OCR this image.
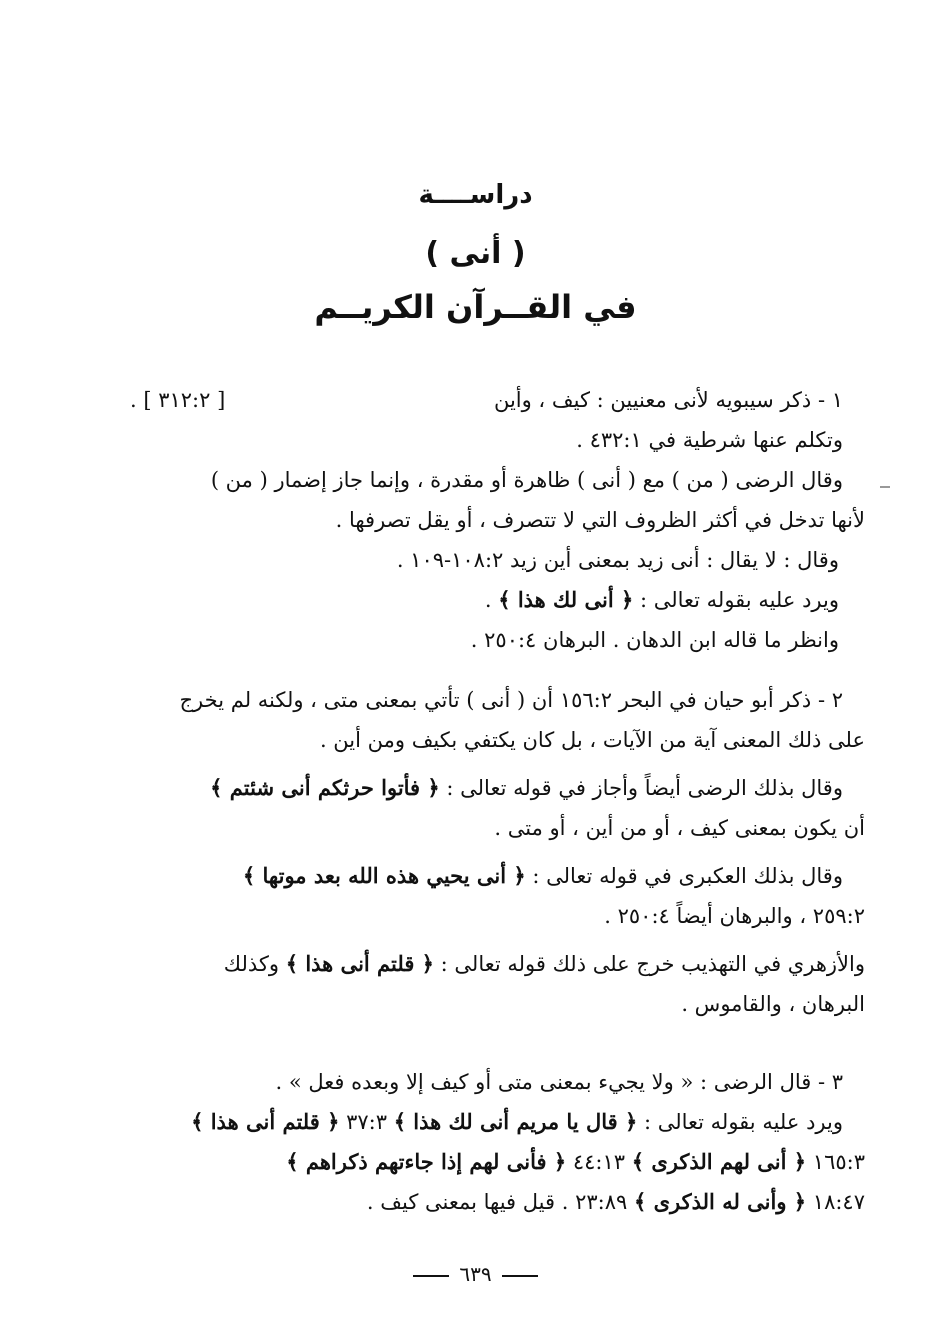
دراســــة
( أنى )
في القــرآن الكريــم
١ - ذكر سيبويه لأنى معنيين : كيف ، وأين
. [ ٣١٢:٢ ]
وتكلم عنها شرطية في ٤٣٢:١ .
وقال الرضى ( من ) مع ( أنى ) ظاهرة أو مقدرة ، وإنما جاز إضمار ( من )
لأنها تدخل في أكثر الظروف التي لا تتصرف ، أو يقل تصرفها .
وقال : لا يقال : أنى زيد بمعنى أين زيد ١٠٨:٢-١٠٩ .
ويرد عليه بقوله تعالى : ﴿ أنى لك هذا ﴾ .
وانظر ما قاله ابن الدهان . البرهان ٢٥٠:٤ .
٢ - ذكر أبو حيان في البحر ١٥٦:٢ أن ( أنى ) تأتي بمعنى متى ، ولكنه لم يخرج
على ذلك المعنى آية من الآيات ، بل كان يكتفي بكيف ومن أين .
وقال بذلك الرضى أيضاً وأجاز في قوله تعالى : ﴿ فأتوا حرثكم أنى شئتم ﴾
أن يكون بمعنى كيف ، أو من أين ، أو متى .
وقال بذلك العكبرى في قوله تعالى : ﴿ أنى يحيي هذه الله بعد موتها ﴾
٢٥٩:٢ ، والبرهان أيضاً ٢٥٠:٤ .
والأزهري في التهذيب خرج على ذلك قوله تعالى : ﴿ قلتم أنى هذا ﴾ وكذلك
البرهان ، والقاموس .
٣ - قال الرضى : « ولا يجيء بمعنى متى أو كيف إلا وبعده فعل » .
ويرد عليه بقوله تعالى : ﴿ قال يا مريم أنى لك هذا ﴾ ٣٧:٣ ﴿ قلتم أنى هذا ﴾
١٦٥:٣ ﴿ أنى لهم الذكرى ﴾ ٤٤:١٣ ﴿ فأنى لهم إذا جاءتهم ذكراهم ﴾
١٨:٤٧ ﴿ وأنى له الذكرى ﴾ ٢٣:٨٩ . قيل فيها بمعنى كيف .
٦٣٩
